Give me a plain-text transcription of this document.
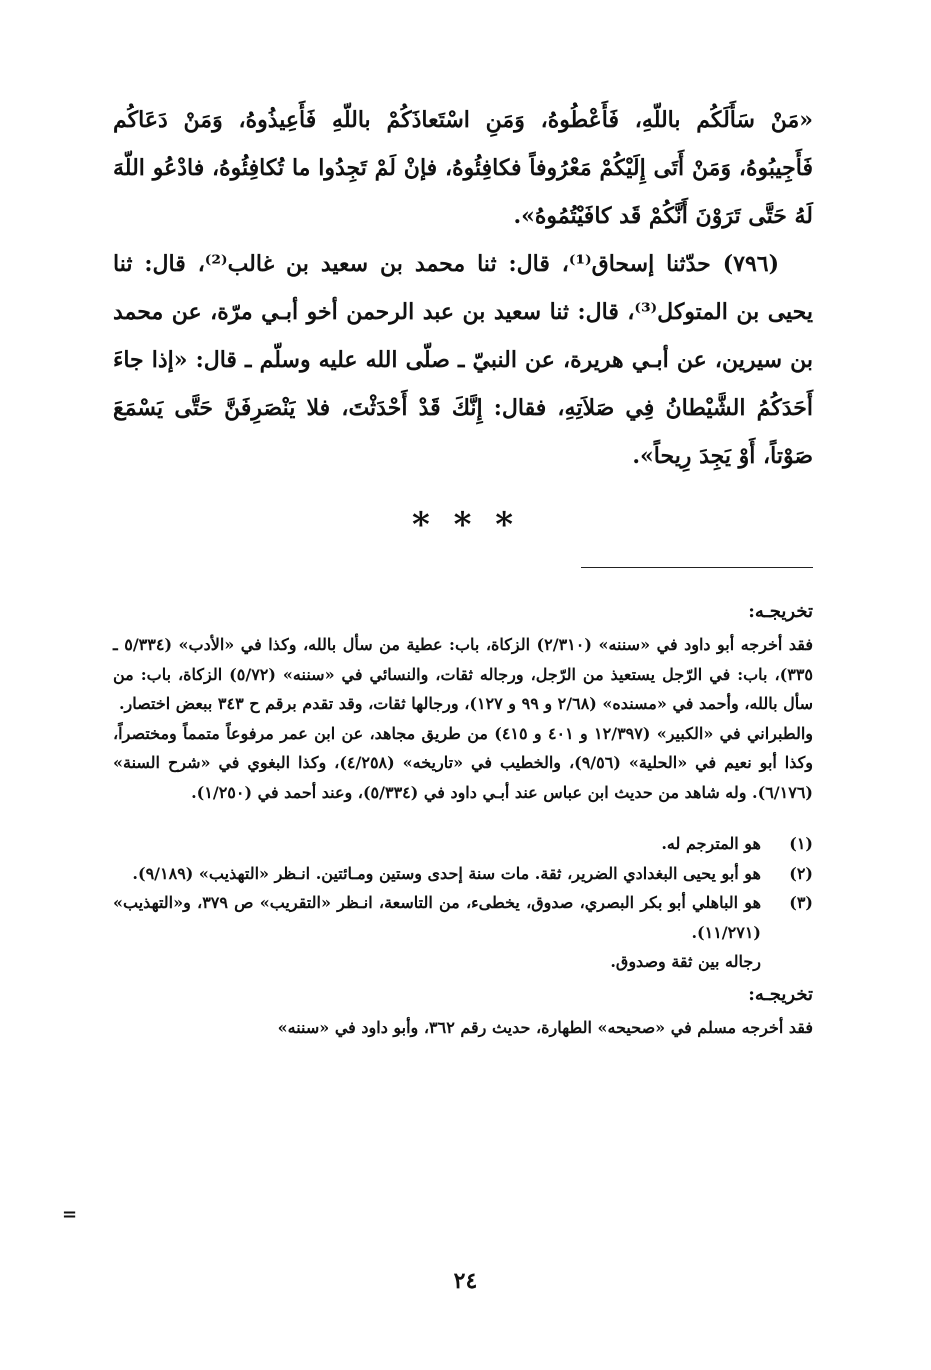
«مَنْ سَأَلَكُم باللّهِ، فَأَعْطُوهُ، وَمَنِ اسْتَعاذَكُمْ باللّهِ فَأَعِيذُوهُ، وَمَنْ دَعَاكُم فَأَجِيبُوهُ، وَمَنْ أَتَى إِلَيْكُمْ مَعْرُوفاً فكافِئُوهُ، فإنْ لَمْ تَجِدُوا ما تُكافِئُوهُ، فادْعُو اللّهَ لَهُ حَتَّى تَرَوْنَ أَنَّكُمْ قَد كافَيْتُمُوهُ».

(٧٩٦) حدّثنا إسحاق⁽¹⁾، قال: ثنا محمد بن سعيد بن غالب⁽²⁾، قال: ثنا يحيى بن المتوكل⁽³⁾، قال: ثنا سعيد بن عبد الرحمن أخو أبـي مرّة، عن محمد بن سيرين، عن أبـي هريرة، عن النبيّ ـ صلّى الله عليه وسلّم ـ قال: «إذا جاءَ أَحَدَكُمُ الشَّيْطانُ فِي صَلاَتِهِ، فقال: إِنَّكَ قَدْ أَحْدَثْتَ، فلا يَنْصَرِفَنَّ حَتَّى يَسْمَعَ صَوْتاً، أَوْ يَجِدَ رِيحاً».

* * *

تخريجـه:

فقد أخرجه أبو داود في «سننه» (٢/٣١٠) الزكاة، باب: عطية من سأل بالله، وكذا في «الأدب» (٥/٣٣٤ ـ ٣٣٥)، باب: في الرّجل يستعيذ من الرّجل، ورجاله ثقات، والنسائي في «سننه» (٥/٧٢) الزكاة، باب: من سأل بالله، وأحمد في «مسنده» (٢/٦٨ و ٩٩ و ١٢٧)، ورجالها ثقات، وقد تقدم برقم ح ٣٤٣ ببعض اختصار.

والطبراني في «الكبير» (١٢/٣٩٧ و ٤٠١ و ٤١٥) من طريق مجاهد، عن ابن عمر مرفوعاً متمماً ومختصراً، وكذا أبو نعيم في «الحلية» (٩/٥٦)، والخطيب في «تاريخه» (٤/٢٥٨)، وكذا البغوي في «شرح السنة» (٦/١٧٦). وله شاهد من حديث ابن عباس عند أبـي داود في (٥/٣٣٤)، وعند أحمد في (١/٢٥٠).

(١)
هو المترجم له.
(٢)
هو أبو يحيى البغدادي الضرير، ثقة. مات سنة إحدى وستين ومـائتين. انـظر «التهذيب» (٩/١٨٩).
(٣)
هو الباهلي أبو بكر البصري، صدوق، يخطىء، من التاسعة، انـظر «التقريب» ص ٣٧٩، و«التهذيب» (١١/٢٧١).
رجاله بين ثقة وصدوق.

تخريجـه:

فقد أخرجه مسلم في «صحيحه» الطهارة، حديث رقم ٣٦٢، وأبو داود في «سننه»

=
٢٤
